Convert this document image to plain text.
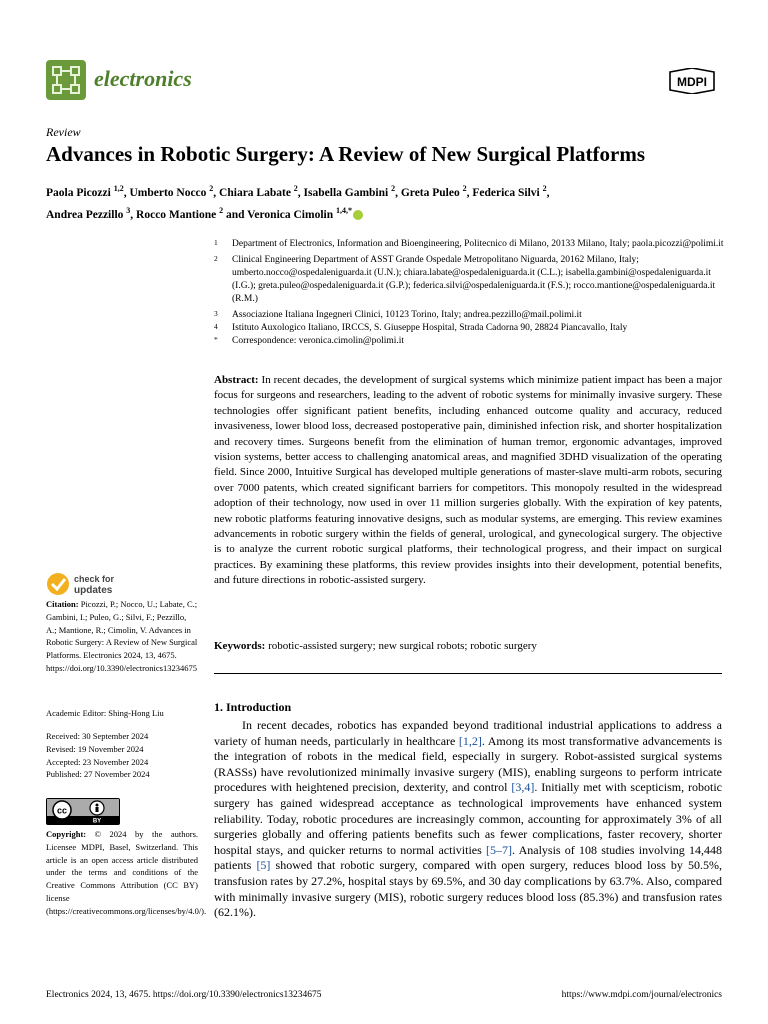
electronics	MDPI
Review
Advances in Robotic Surgery: A Review of New Surgical Platforms
Paola Picozzi $^{1,2}$, Umberto Nocco $^2$, Chiara Labate $^2$, Isabella Gambini $^2$, Greta Puleo $^2$, Federica Silvi $^2$,
Andrea Pezzillo $^3$, Rocco Mantione $^2$ and Veronica Cimolin $^{1,4,*}$
1	Department of Electronics, Information and Bioengineering, Politecnico di Milano, 20133 Milano, Italy; paola.picozzi@polimi.it
2	Clinical Engineering Department of ASST Grande Ospedale Metropolitano Niguarda, 20162 Milano, Italy; umberto.nocco@ospedaleniguarda.it (U.N.); chiara.labate@ospedaleniguarda.it (C.L.); isabella.gambini@ospedaleniguarda.it (I.G.); greta.puleo@ospedaleniguarda.it (G.P.); federica.silvi@ospedaleniguarda.it (F.S.); rocco.mantione@ospedaleniguarda.it (R.M.)
3	Associazione Italiana Ingegneri Clinici, 10123 Torino, Italy; andrea.pezzillo@mail.polimi.it
4	Istituto Auxologico Italiano, IRCCS, S. Giuseppe Hospital, Strada Cadorna 90, 28824 Piancavallo, Italy
*	Correspondence: veronica.cimolin@polimi.it
Abstract: In recent decades, the development of surgical systems which minimize patient impact has been a major focus for surgeons and researchers, leading to the advent of robotic systems for minimally invasive surgery. These technologies offer significant patient benefits, including enhanced outcome quality and accuracy, reduced invasiveness, lower blood loss, decreased postoperative pain, diminished infection risk, and shorter hospitalization and recovery times. Surgeons benefit from the elimination of human tremor, ergonomic advantages, improved vision systems, better access to challenging anatomical areas, and magnified 3DHD visualization of the operating field. Since 2000, Intuitive Surgical has developed multiple generations of master-slave multi-arm robots, securing over 7000 patents, which created significant barriers for competitors. This monopoly resulted in the widespread adoption of their technology, now used in over 11 million surgeries globally. With the expiration of key patents, new robotic platforms featuring innovative designs, such as modular systems, are emerging. This review examines advancements in robotic surgery within the fields of general, urological, and gynecological surgery. The objective is to analyze the current robotic surgical platforms, their technological progress, and their impact on surgical practices. By examining these platforms, this review provides insights into their development, potential benefits, and future directions in robotic-assisted surgery.
Keywords: robotic-assisted surgery; new surgical robots; robotic surgery
1. Introduction
In recent decades, robotics has expanded beyond traditional industrial applications to address a variety of human needs, particularly in healthcare [1,2]. Among its most transformative advancements is the integration of robots in the medical field, especially in surgery. Robot-assisted surgical systems (RASSs) have revolutionized minimally invasive surgery (MIS), enabling surgeons to perform intricate procedures with heightened precision, dexterity, and control [3,4]. Initially met with scepticism, robotic surgery has gained widespread acceptance as technological improvements have enhanced system reliability. Today, robotic procedures are increasingly common, accounting for approximately 3% of all surgeries globally and offering patients benefits such as fewer complications, faster recovery, shorter hospital stays, and quicker returns to normal activities [5–7]. Analysis of 108 studies involving 14,448 patients [5] showed that robotic surgery, compared with open surgery, reduces blood loss by 50.5%, transfusion rates by 27.2%, hospital stays by 69.5%, and 30 day complications by 63.7%. Also, compared with minimally invasive surgery (MIS), robotic surgery reduces blood loss (85.3%) and transfusion rates (62.1%).
check for
updates
Citation: Picozzi, P.; Nocco, U.; Labate, C.; Gambini, I.; Puleo, G.; Silvi, F.; Pezzillo, A.; Mantione, R.; Cimolin, V. Advances in Robotic Surgery: A Review of New Surgical Platforms. Electronics 2024, 13, 4675. https://doi.org/10.3390/electronics13234675
Academic Editor: Shing-Hong Liu
Received: 30 September 2024
Revised: 19 November 2024
Accepted: 23 November 2024
Published: 27 November 2024
cc
BY
Copyright: © 2024 by the authors. Licensee MDPI, Basel, Switzerland. This article is an open access article distributed under the terms and conditions of the Creative Commons Attribution (CC BY) license (https://creativecommons.org/licenses/by/4.0/).
Electronics 2024, 13, 4675. https://doi.org/10.3390/electronics13234675	https://www.mdpi.com/journal/electronics
